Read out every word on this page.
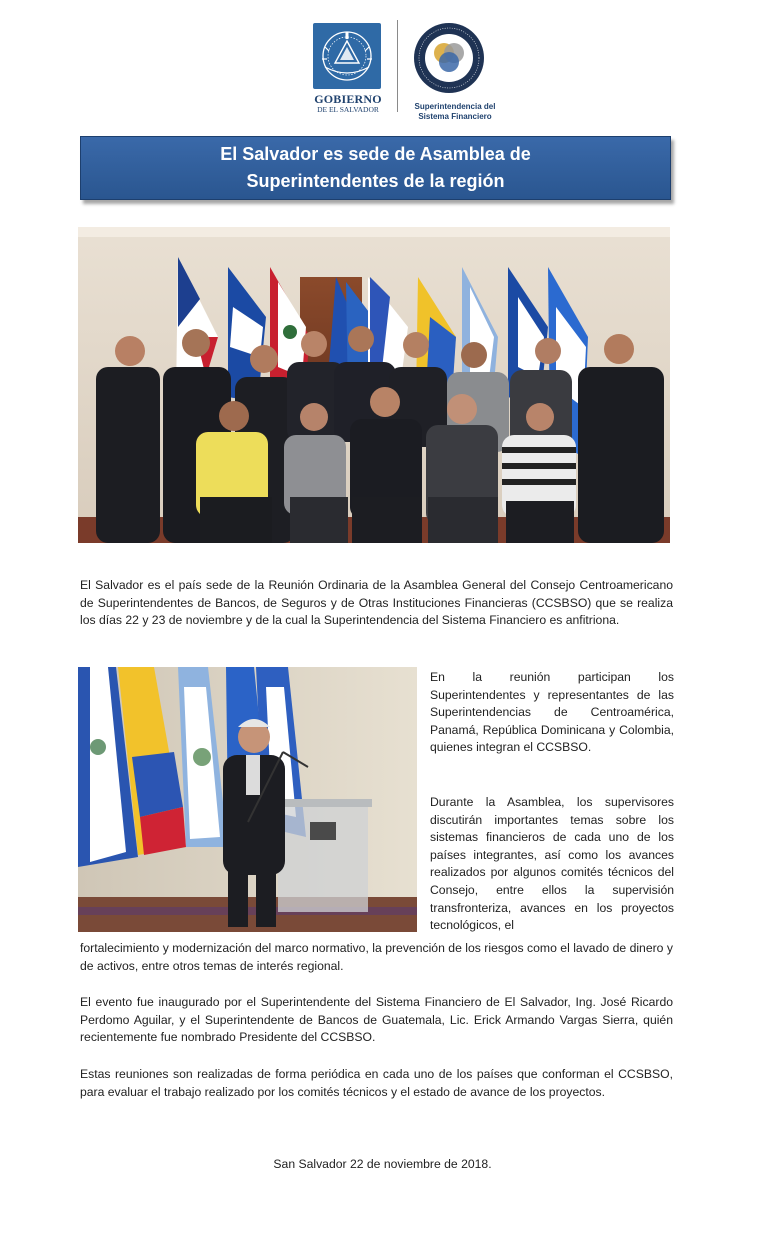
GOBIERNO
DE EL SALVADOR	Superintendencia del
Sistema Financiero
El Salvador es sede de Asamblea de
Superintendentes de la región

El Salvador es el país sede de la Reunión Ordinaria de la Asamblea General del Consejo Centroamericano de Superintendentes de Bancos, de Seguros y de Otras Instituciones Financieras (CCSBSO) que se realiza los días 22 y 23 de noviembre y de la cual la Superintendencia del Sistema Financiero es anfitriona.

En la reunión participan los Superintendentes y representantes de las Superintendencias de Centroamérica, Panamá, República Dominicana y Colombia, quienes integran el CCSBSO.

Durante la Asamblea, los supervisores discutirán importantes temas sobre los sistemas financieros de cada uno de los países integrantes, así como los avances realizados por algunos comités técnicos del Consejo, entre ellos la supervisión transfronteriza, avances en los proyectos tecnológicos, el

fortalecimiento y modernización del marco normativo, la prevención de los riesgos como el lavado de dinero y de activos, entre otros temas de interés regional.

El evento fue inaugurado por el Superintendente del Sistema Financiero de El Salvador, Ing. José Ricardo Perdomo Aguilar, y el Superintendente de Bancos de Guatemala, Lic. Erick Armando Vargas Sierra, quién recientemente fue nombrado Presidente del CCSBSO.

Estas reuniones son realizadas de forma periódica en cada uno de los países que conforman el CCSBSO, para evaluar el trabajo realizado por los comités técnicos y el estado de avance de los proyectos.

San Salvador 22 de noviembre de 2018.
